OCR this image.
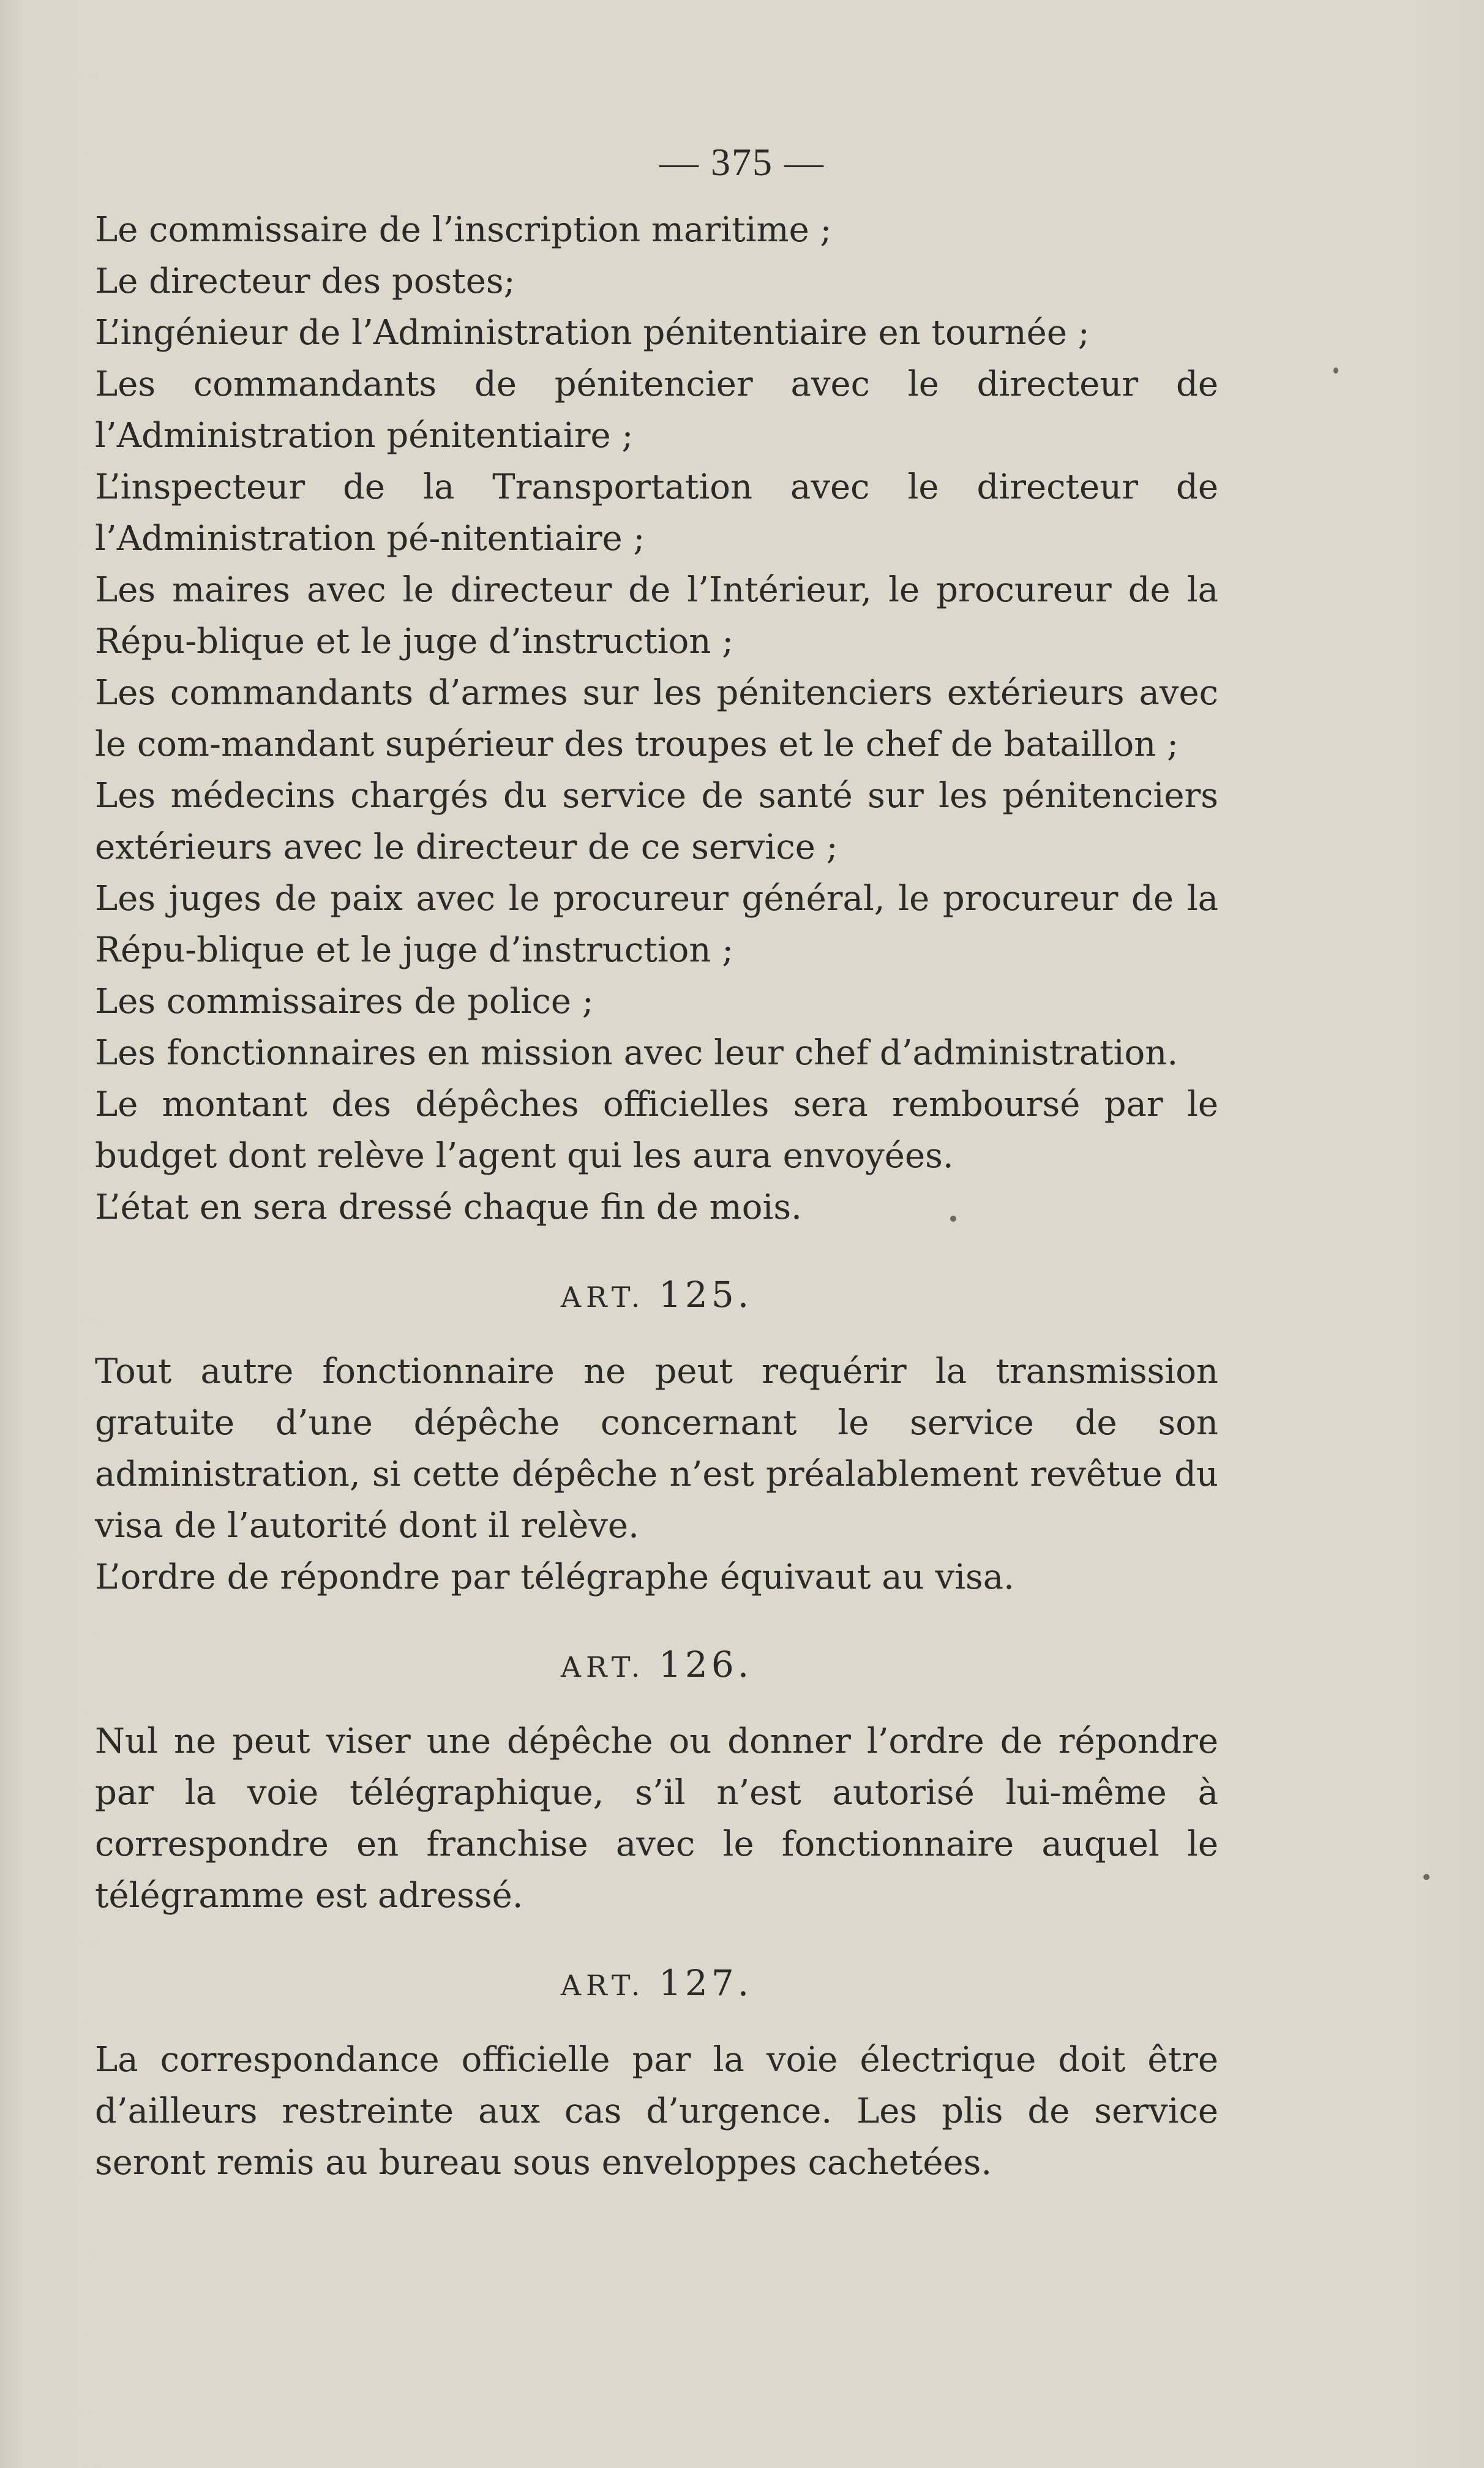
— 375 —

Le commissaire de l’inscription maritime ;

Le directeur des postes;

L’ingénieur de l’Administration pénitentiaire en tournée ;

Les commandants de pénitencier avec le directeur de l’Administration pénitentiaire ;

L’inspecteur de la Transportation avec le directeur de l’Administration pé-nitentiaire ;

Les maires avec le directeur de l’Intérieur, le procureur de la Répu-blique et le juge d’instruction ;

Les commandants d’armes sur les pénitenciers extérieurs avec le com-mandant supérieur des troupes et le chef de bataillon ;

Les médecins chargés du service de santé sur les pénitenciers extérieurs avec le directeur de ce service ;

Les juges de paix avec le procureur général, le procureur de la Répu-blique et le juge d’instruction ;

Les commissaires de police ;

Les fonctionnaires en mission avec leur chef d’administration.

Le montant des dépêches officielles sera remboursé par le budget dont relève l’agent qui les aura envoyées.

L’état en sera dressé chaque fin de mois.

ART. 125.

Tout autre fonctionnaire ne peut requérir la transmission gratuite d’une dépêche concernant le service de son administration, si cette dépêche n’est préalablement revêtue du visa de l’autorité dont il relève.

L’ordre de répondre par télégraphe équivaut au visa.

ART. 126.

Nul ne peut viser une dépêche ou donner l’ordre de répondre par la voie télégraphique, s’il n’est autorisé lui-même à correspondre en franchise avec le fonctionnaire auquel le télégramme est adressé.

ART. 127.

La correspondance officielle par la voie électrique doit être d’ailleurs restreinte aux cas d’urgence. Les plis de service seront remis au bureau sous enveloppes cachetées.
